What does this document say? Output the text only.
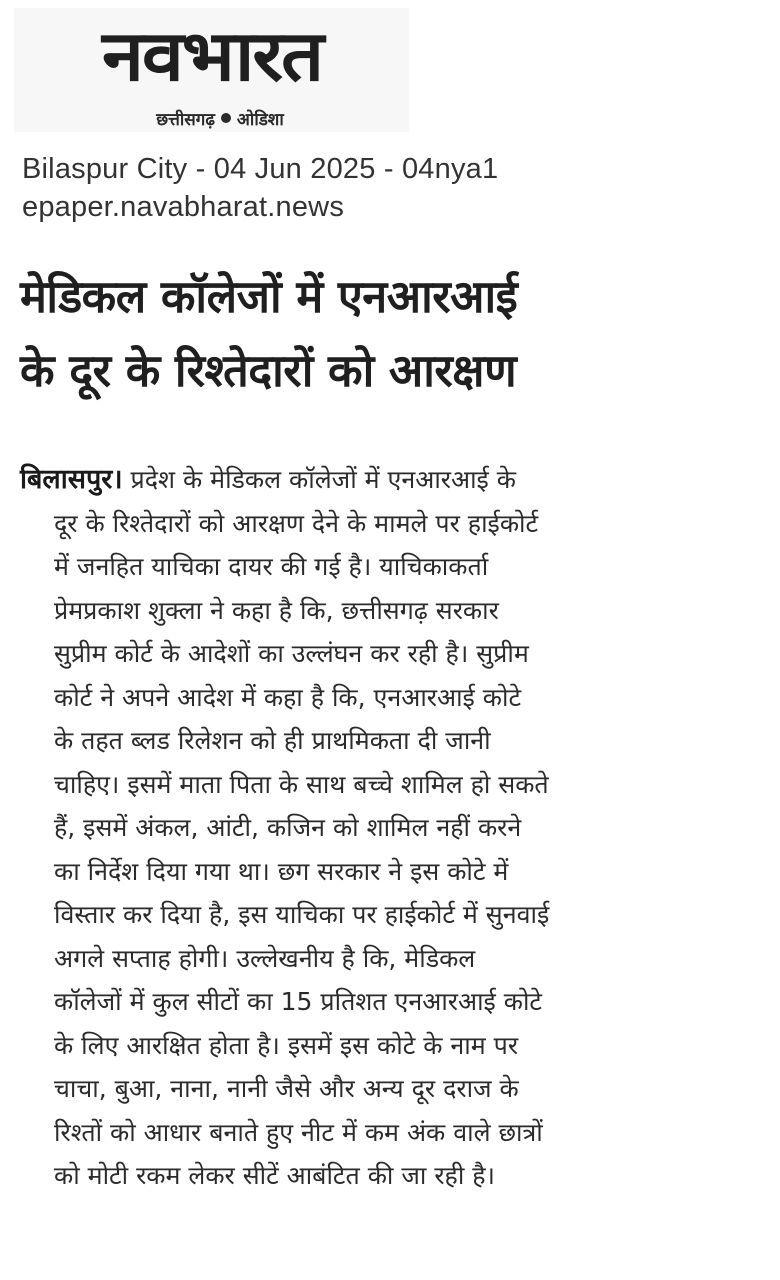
नवभारत
छत्तीसगढ़ ओडिशा
Bilaspur City - 04 Jun 2025 - 04nya1
epaper.navabharat.news
मेडिकल कॉलेजों में एनआरआई
के दूर के रिश्तेदारों को आरक्षण
बिलासपुर। प्रदेश के मेडिकल कॉलेजों में एनआरआई के
दूर के रिश्तेदारों को आरक्षण देने के मामले पर हाईकोर्ट
में जनहित याचिका दायर की गई है। याचिकाकर्ता
प्रेमप्रकाश शुक्ला ने कहा है कि, छत्तीसगढ़ सरकार
सुप्रीम कोर्ट के आदेशों का उल्लंघन कर रही है। सुप्रीम
कोर्ट ने अपने आदेश में कहा है कि, एनआरआई कोटे
के तहत ब्लड रिलेशन को ही प्राथमिकता दी जानी
चाहिए। इसमें माता पिता के साथ बच्चे शामिल हो सकते
हैं, इसमें अंकल, आंटी, कजिन को शामिल नहीं करने
का निर्देश दिया गया था। छग सरकार ने इस कोटे में
विस्तार कर दिया है, इस याचिका पर हाईकोर्ट में सुनवाई
अगले सप्ताह होगी। उल्लेखनीय है कि, मेडिकल
कॉलेजों में कुल सीटों का 15 प्रतिशत एनआरआई कोटे
के लिए आरक्षित होता है। इसमें इस कोटे के नाम पर
चाचा, बुआ, नाना, नानी जैसे और अन्य दूर दराज के
रिश्तों को आधार बनाते हुए नीट में कम अंक वाले छात्रों
को मोटी रकम लेकर सीटें आबंटित की जा रही है।
